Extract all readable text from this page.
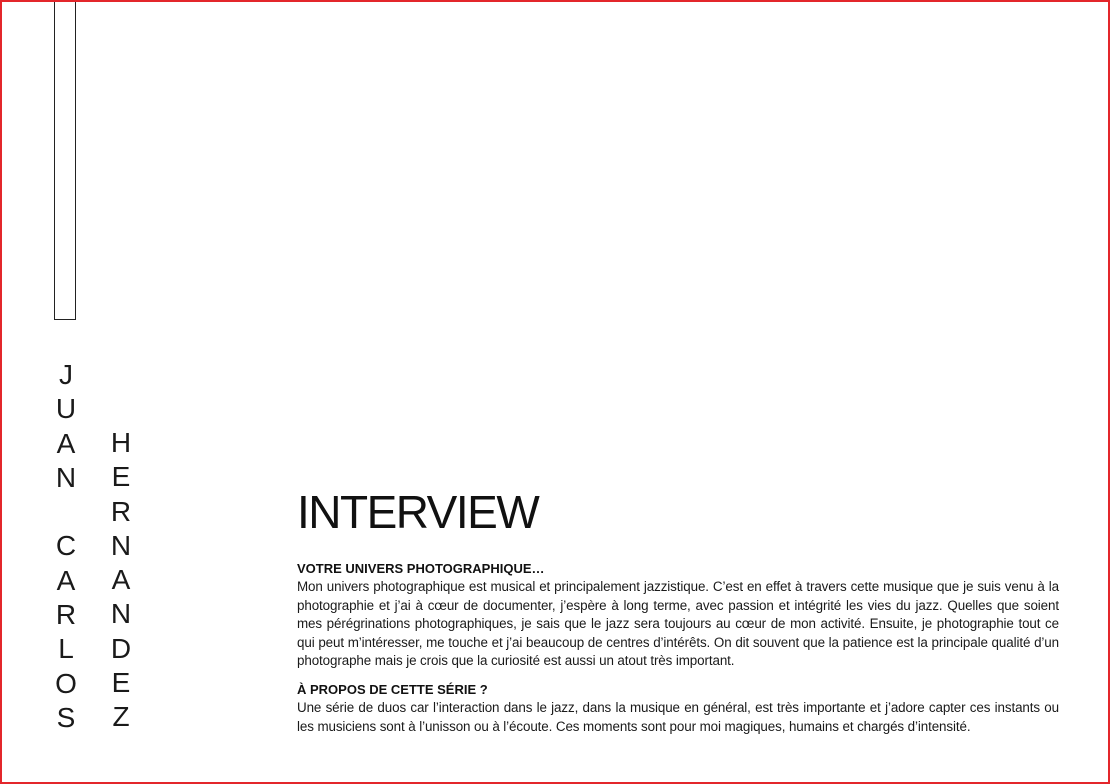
J
U
A
N
C
A
R
L
O
S
H
E
R
N
A
N
D
E
Z
INTERVIEW
VOTRE UNIVERS PHOTOGRAPHIQUE…

Mon univers photographique est musical et principalement jazzistique. C’est en effet à travers cette musique que je suis venu à la photographie et j’ai à cœur de documenter, j’espère à long terme, avec passion et intégrité les vies du jazz. Quelles que soient mes pérégrinations photographiques, je sais que le jazz sera toujours au cœur de mon activité. Ensuite, je photographie tout ce qui peut m’intéresser, me touche et j’ai beaucoup de centres d’intérêts. On dit souvent que la patience est la principale qualité d’un photographe mais je crois que la curiosité est aussi un atout très important.

À PROPOS DE CETTE SÉRIE ?

Une série de duos car l’interaction dans le jazz, dans la musique en général, est très importante et j’adore capter ces instants ou les musiciens sont à l’unisson ou à l’écoute. Ces moments sont pour moi magiques, humains et chargés d’intensité.
